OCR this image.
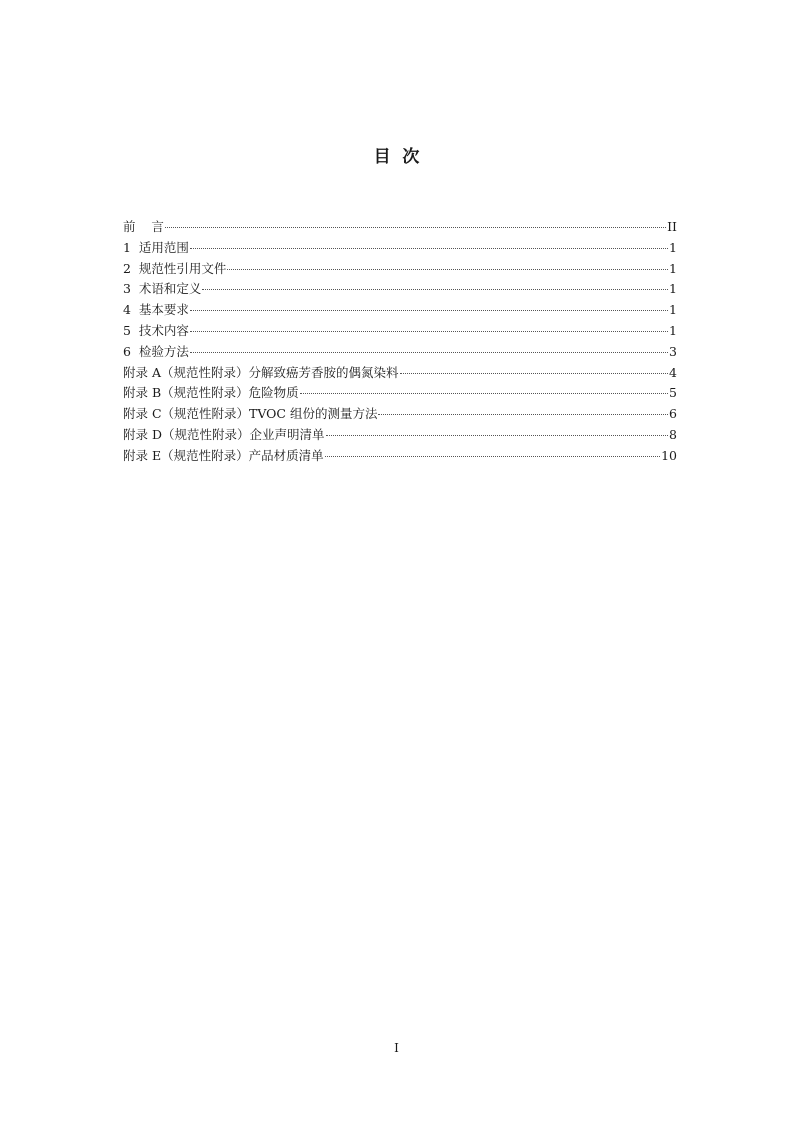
目  次
前    言	II
1  适用范围	1
2  规范性引用文件	1
3  术语和定义	1
4  基本要求	1
5  技术内容	1
6  检验方法	3
附录 A（规范性附录）分解致癌芳香胺的偶氮染料	4
附录 B（规范性附录）危险物质	5
附录 C（规范性附录）TVOC 组份的测量方法	6
附录 D（规范性附录）企业声明清单	8
附录 E（规范性附录）产品材质清单	10
I
